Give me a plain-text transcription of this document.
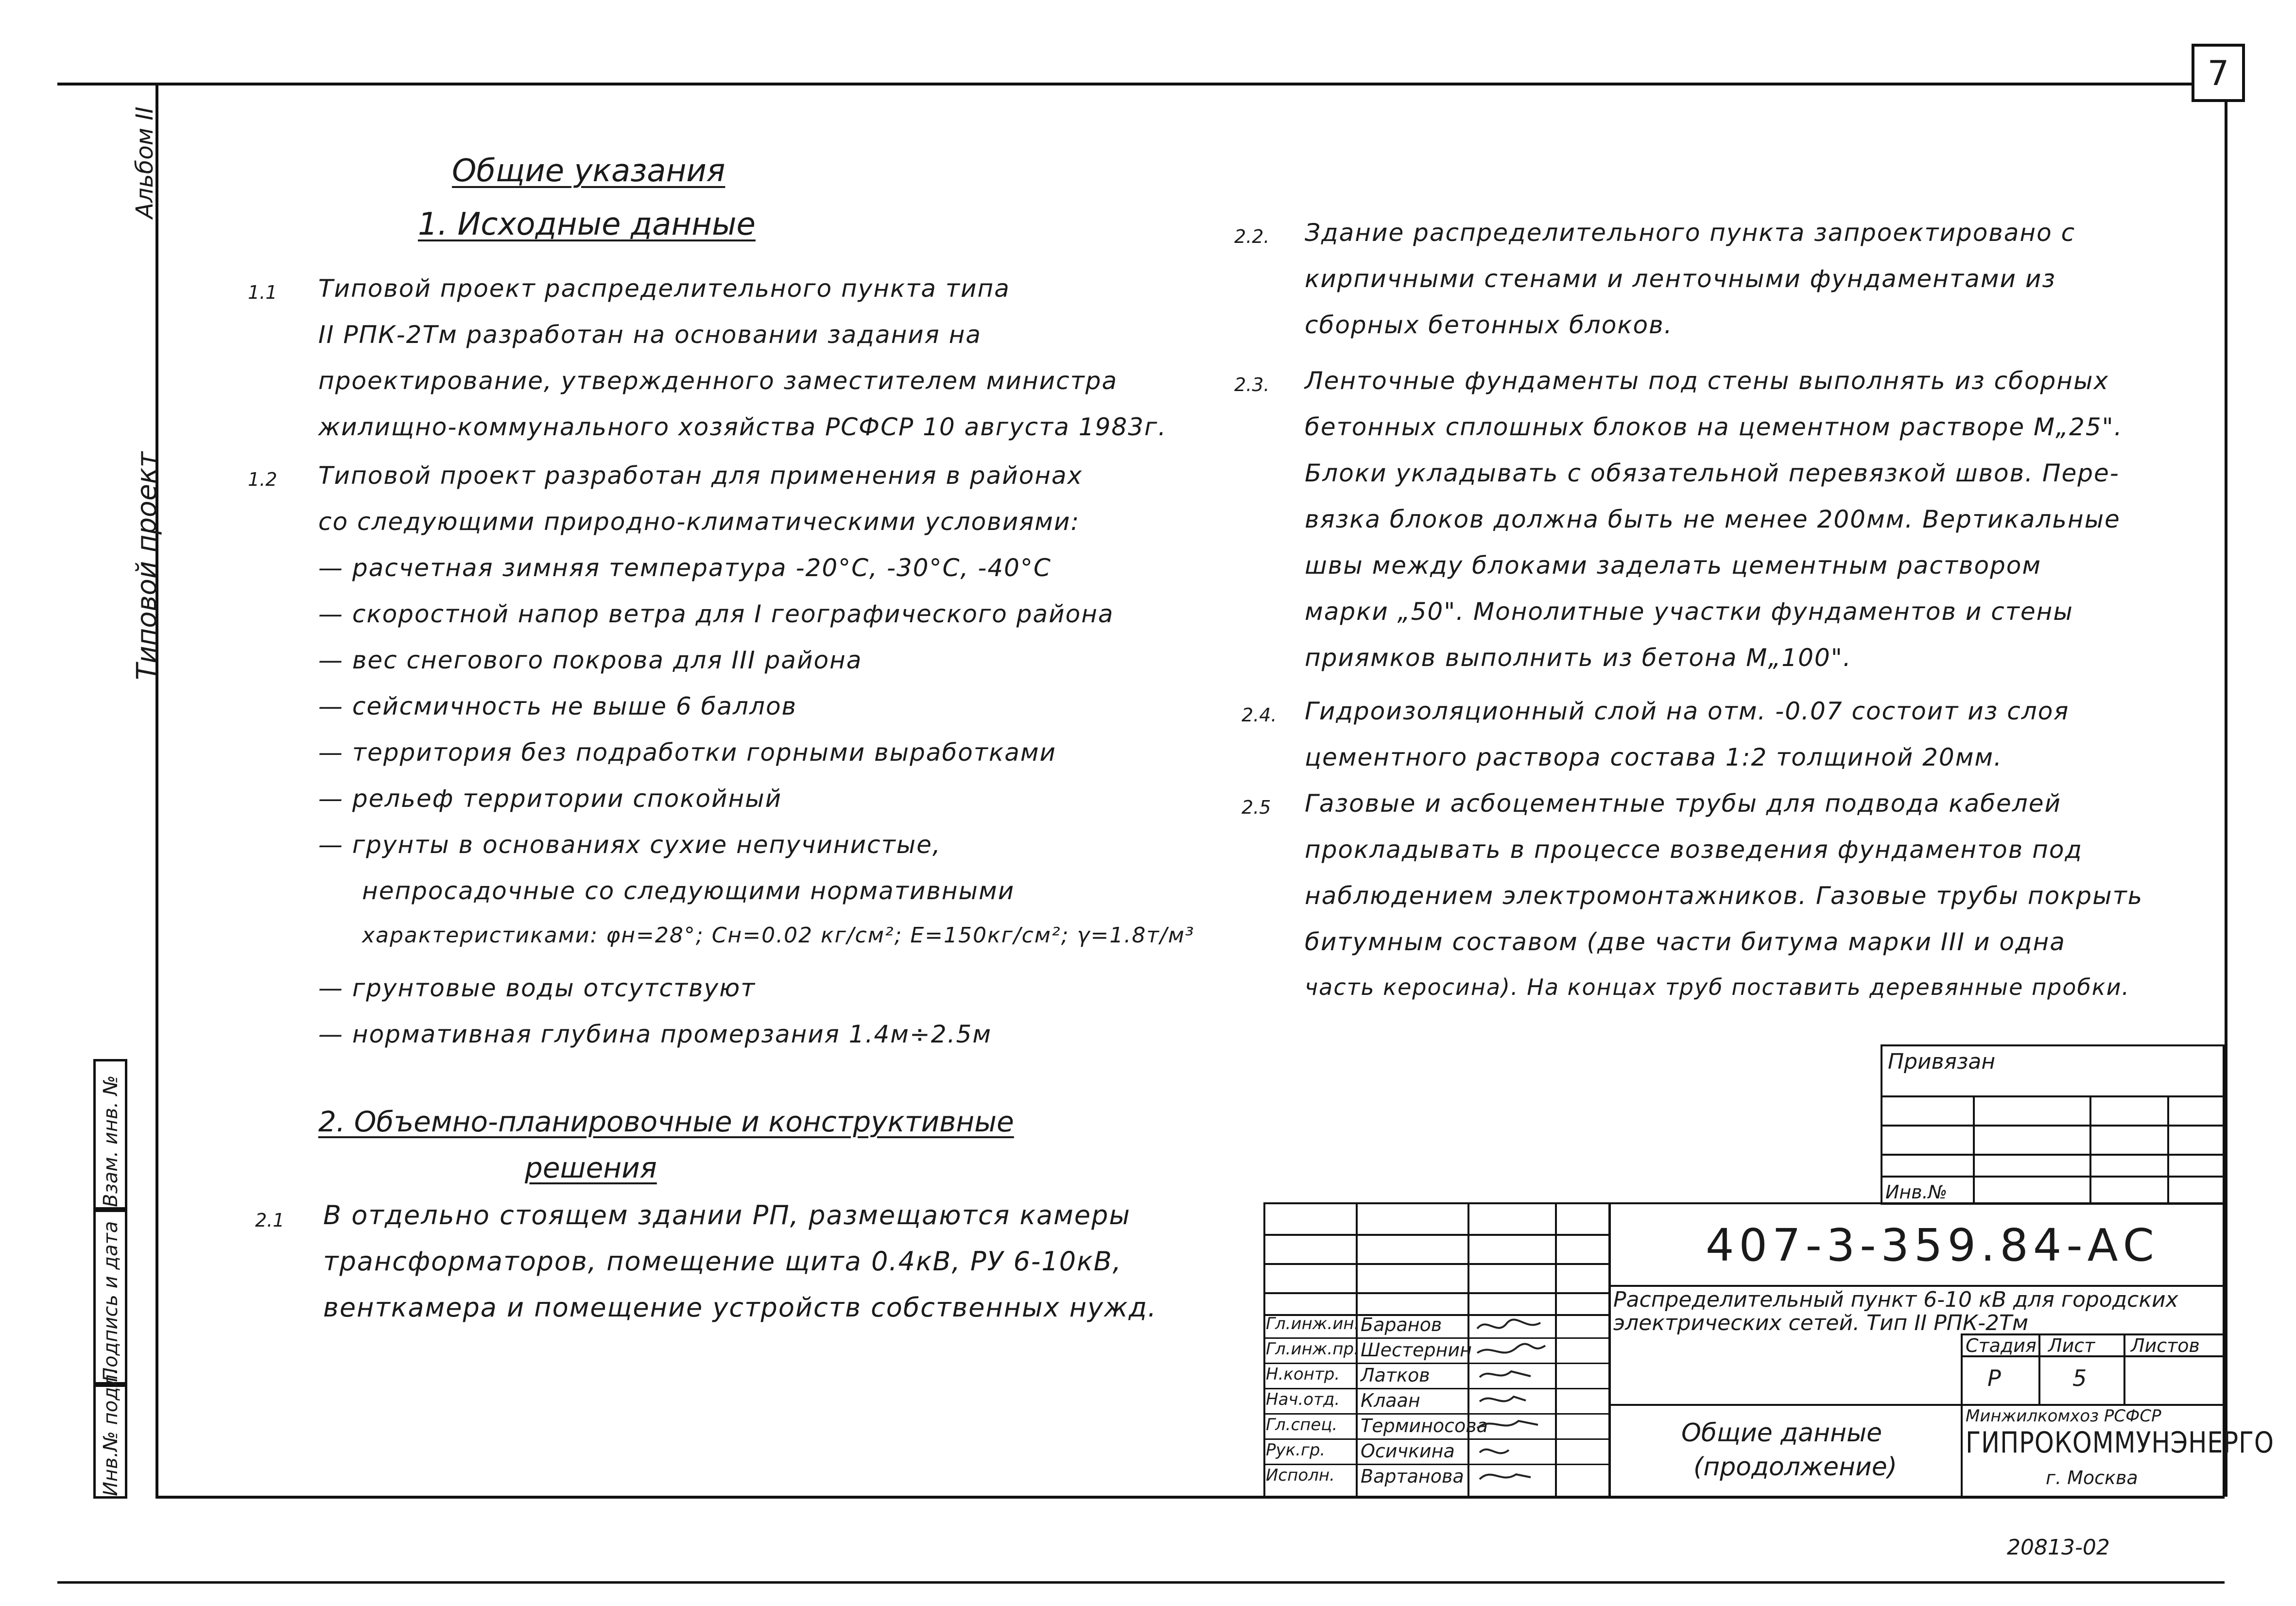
7
Альбом II
Типовой проект
Взам. инв. №
Подпись и дата
Инв.№ подл.
Общие указания
1. Исходные данные
1.1 Типовой проект распределительного пункта типа
II РПК-2Тм разработан на основании задания на
проектирование, утвержденного заместителем министра
жилищно-коммунального хозяйства РСФСР 10 августа 1983г.
1.2 Типовой проект разработан для применения в районах
со следующими природно-климатическими условиями:
— расчетная зимняя температура -20°С, -30°С, -40°С
— скоростной напор ветра для I географического района
— вес снегового покрова для III района
— сейсмичность не выше 6 баллов
— территория без подработки горными выработками
— рельеф территории спокойный
— грунты в основаниях сухие непучинистые,
непросадочные со следующими нормативными
характеристиками: φн=28°; Cн=0.02 кг/см²; E=150кг/см²; γ=1.8т/м³
— грунтовые воды отсутствуют
— нормативная глубина промерзания 1.4м÷2.5м
2. Объемно-планировочные и конструктивные
решения
2.1 В отдельно стоящем здании РП, размещаются камеры
трансформаторов, помещение щита 0.4кВ, РУ 6-10кВ,
венткамера и помещение устройств собственных нужд.
2.2. Здание распределительного пункта запроектировано с
кирпичными стенами и ленточными фундаментами из
сборных бетонных блоков.
2.3. Ленточные фундаменты под стены выполнять из сборных
бетонных сплошных блоков на цементном растворе М„25".
Блоки укладывать с обязательной перевязкой швов. Пере-
вязка блоков должна быть не менее 200мм. Вертикальные
швы между блоками заделать цементным раствором
марки „50". Монолитные участки фундаментов и стены
приямков выполнить из бетона М„100".
2.4. Гидроизоляционный слой на отм. -0.07 состоит из слоя
цементного раствора состава 1:2 толщиной 20мм.
2.5 Газовые и асбоцементные трубы для подвода кабелей
прокладывать в процессе возведения фундаментов под
наблюдением электромонтажников. Газовые трубы покрыть
битумным составом (две части битума марки III и одна
часть керосина). На концах труб поставить деревянные пробки.
Привязан
Инв.№
Гл.инж.ин. Баранов
Гл.инж.пр. Шестернин
Н.контр. Латков
Нач.отд. Клаан
Гл.спец. Терминосова
Рук.гр. Осичкина
Исполн. Вартанова
407-3-359.84-АС
Распределительный пункт 6-10 кВ для городских
электрических сетей. Тип II РПК-2Тм
Стадия Лист Листов
Р	5
Общие данные
(продолжение)
Минжилкомхоз РСФСР
ГИПРОКОММУНЭНЕРГО
г. Москва
20813-02
